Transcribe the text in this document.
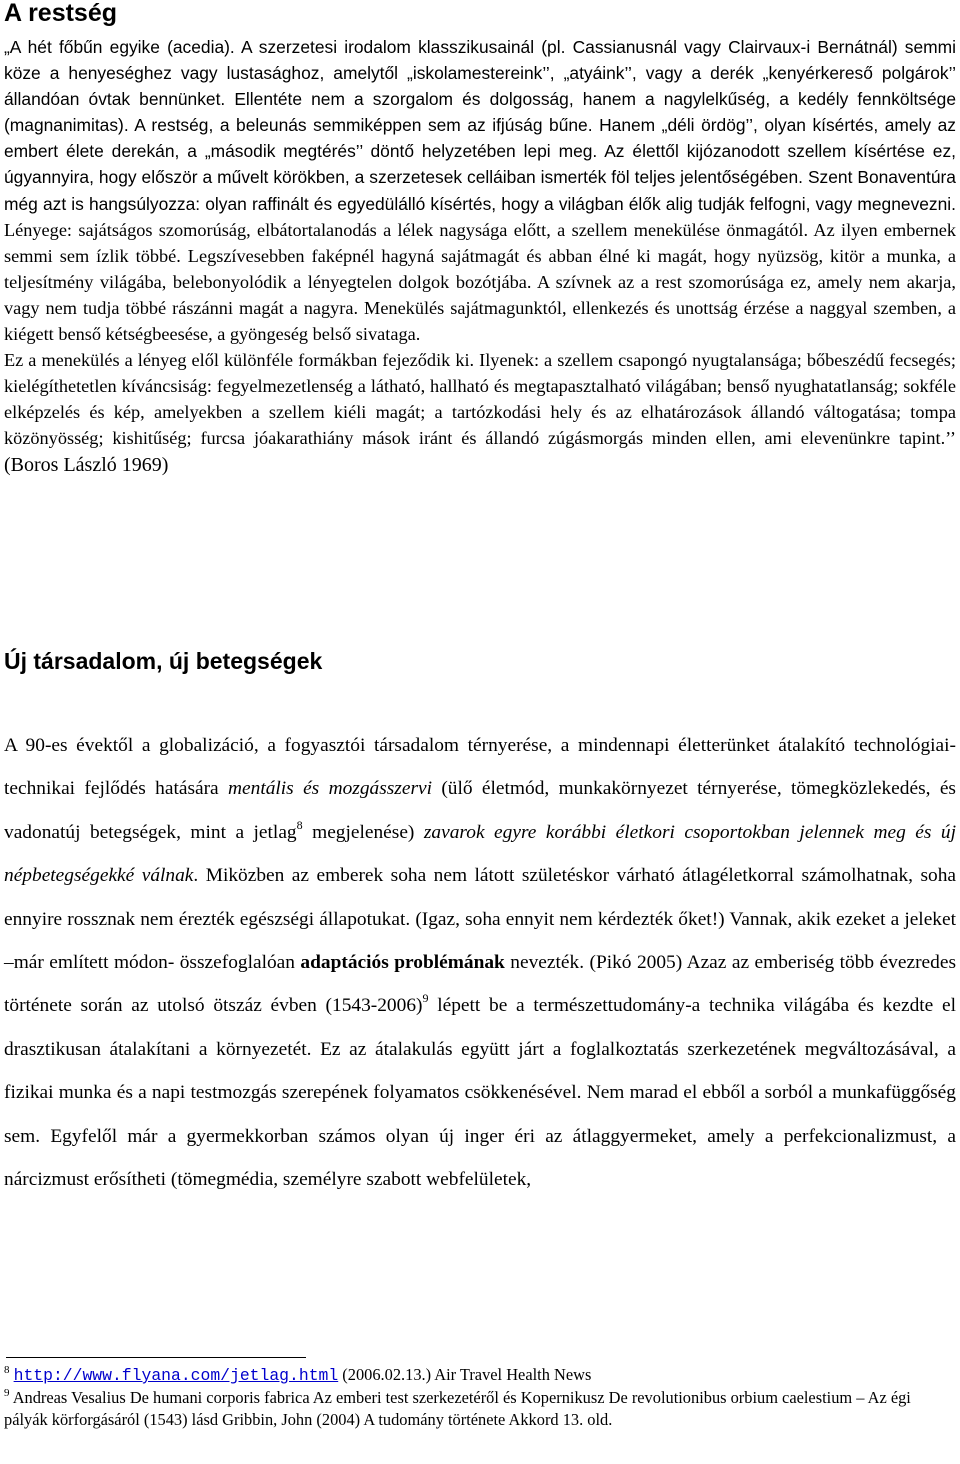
A restség

„A hét főbűn egyike (acedia). A szerzetesi irodalom klasszikusainál (pl. Cassianusnál vagy Clairvaux-i Bernátnál) semmi köze a henyeséghez vagy lustasághoz, amelytől „iskolamestereink’’, „atyáink’’, vagy a derék „kenyérkereső polgárok’’ állandóan óvtak bennünket. Ellentéte nem a szorgalom és dolgosság, hanem a nagylelkűség, a kedély fennköltsége (magnanimitas). A restség, a beleunás semmiképpen sem az ifjúság bűne. Hanem „déli ördög’’, olyan kísértés, amely az embert élete derekán, a „második megtérés’’ döntő helyzetében lepi meg. Az élettől kijózanodott szellem kísértése ez, úgyannyira, hogy először a művelt körökben, a szerzetesek celláiban ismerték föl teljes jelentőségében. Szent Bonaventúra még azt is hangsúlyozza: olyan raffinált és egyedülálló kísértés, hogy a világban élők alig tudják felfogni, vagy megnevezni. Lényege: sajátságos szomorúság, elbátortalanodás a lélek nagysága előtt, a szellem menekülése önmagától. Az ilyen embernek semmi sem ízlik többé. Legszívesebben faképnél hagyná sajátmagát és abban élné ki magát, hogy nyüzsög, kitör a munka, a teljesítmény világába, belebonyolódik a lényegtelen dolgok bozótjába. A szívnek az a rest szomorúsága ez, amely nem akarja, vagy nem tudja többé rászánni magát a nagyra. Menekülés sajátmagunktól, ellenkezés és unottság érzése a naggyal szemben, a kiégett benső kétségbeesése, a gyöngeség belső sivataga.

Ez a menekülés a lényeg elől különféle formákban fejeződik ki. Ilyenek: a szellem csapongó nyugtalansága; bőbeszédű fecsegés; kielégíthetetlen kíváncsiság: fegyelmezetlenség a látható, hallható és megtapasztalható világában; benső nyughatatlanság; sokféle elképzelés és kép, amelyekben a szellem kiéli magát; a tartózkodási hely és az elhatározások állandó váltogatása; tompa közönyösség; kishitűség; furcsa jóakarathiány mások iránt és állandó zúgásmorgás minden ellen, ami elevenünkre tapint.’’ (Boros László 1969)

Új társadalom, új betegségek

A 90-es évektől a globalizáció, a fogyasztói társadalom térnyerése, a mindennapi életterünket átalakító technológiai- technikai fejlődés hatására mentális és mozgásszervi (ülő életmód, munkakörnyezet térnyerése, tömegközlekedés, és vadonatúj betegségek, mint a jetlag$^8$ megjelenése) zavarok egyre korábbi életkori csoportokban jelennek meg és új népbetegségekké válnak. Miközben az emberek soha nem látott születéskor várható átlagéletkorral számolhatnak, soha ennyire rossznak nem érezték egészségi állapotukat. (Igaz, soha ennyit nem kérdezték őket!) Vannak, akik ezeket a jeleket –már említett módon- összefoglalóan adaptációs problémának nevezték. (Pikó 2005) Azaz az emberiség több évezredes története során az utolsó ötszáz évben (1543-2006)$^9$ lépett be a természettudomány-a technika világába és kezdte el drasztikusan átalakítani a környezetét. Ez az átalakulás együtt járt a foglalkoztatás szerkezetének megváltozásával, a fizikai munka és a napi testmozgás szerepének folyamatos csökkenésével. Nem marad el ebből a sorból a munkafüggőség sem. Egyfelől már a gyermekkorban számos olyan új inger éri az átlaggyermeket, amely a perfekcionalizmust, a nárcizmust erősítheti (tömegmédia, személyre szabott webfelületek,

$^8$ http://www.flyana.com/jetlag.html (2006.02.13.) Air Travel Health News

$^9$ Andreas Vesalius De humani corporis fabrica Az emberi test szerkezetéről és Kopernikusz De revolutionibus orbium caelestium – Az égi pályák körforgásáról (1543) lásd Gribbin, John (2004) A tudomány története Akkord 13. old.
